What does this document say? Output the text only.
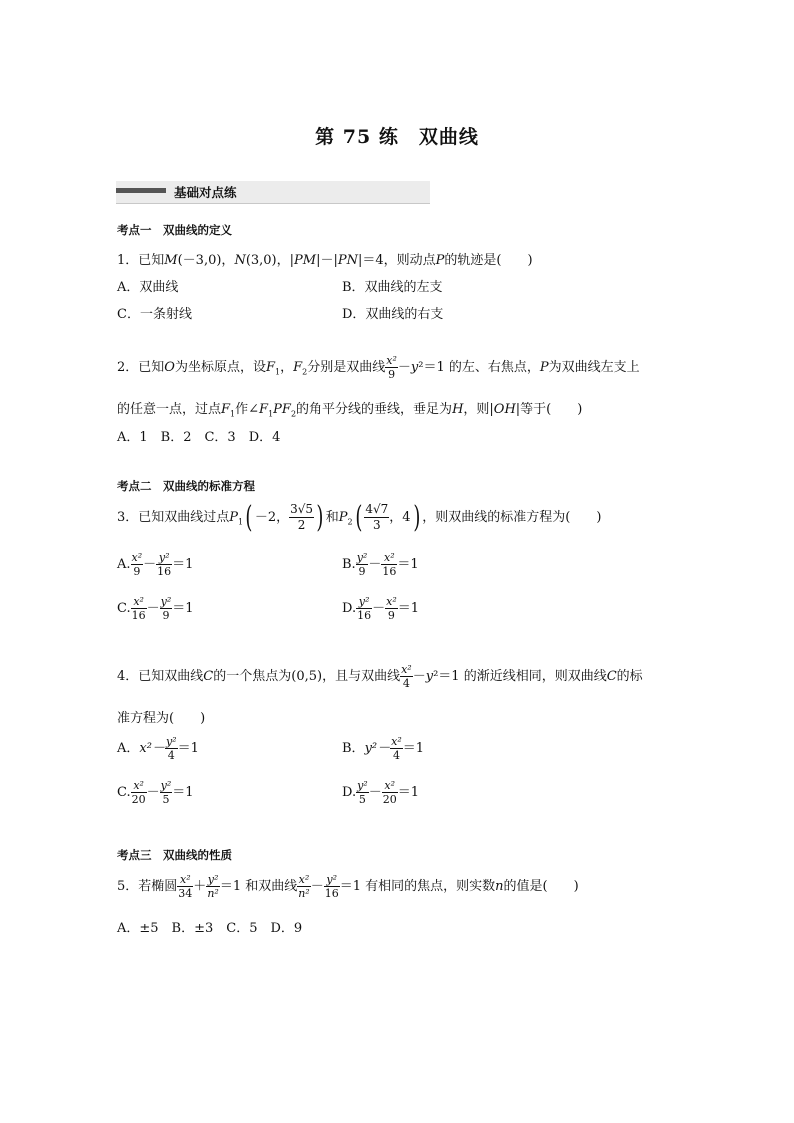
第 75 练　双曲线
基础对点练
考点一　双曲线的定义
1．已知M(－3,0)，N(3,0)，|PM|－|PN|＝4，则动点P的轨迹是(　　)
A．双曲线	B．双曲线的左支
C．一条射线	D．双曲线的右支
2．已知O为坐标原点，设$F_1$，$F_2$分别是双曲线 $\frac{\text{x²}}{9} -y^2=1$ 的左、右焦点，P为双曲线左支上
的任意一点，过点$F_1$作$\angle F_1PF_2$的角平分线的垂线，垂足为H，则|OH|等于(　　)
A．1　B．2　C．3　D．4
考点二　双曲线的标准方程
3．已知双曲线过点$P_1( -2$， $\frac{3√5}{2}$ ) 和$P_2( \frac{4√7}{3}$ ，4) ，则双曲线的标准方程为(　　)
A. $\frac{\text{x²}}{9} - \frac{\text{y²}}{16} =1$	B. $\frac{\text{y²}}{9} - \frac{\text{x²}}{16} =1$
C. $\frac{\text{x²}}{16} - \frac{\text{y²}}{9} =1$	D. $\frac{\text{y²}}{16} - \frac{\text{x²}}{9} =1$
4．已知双曲线C的一个焦点为(0,5)，且与双曲线 $\frac{\text{x²}}{4} -y^2=1$ 的渐近线相同，则双曲线C的标
准方程为(　　)
A．$x^2- \frac{\text{y²}}{4} =1$	B．$y^2- \frac{\text{x²}}{4} =1$
C. $\frac{\text{x²}}{20} - \frac{\text{y²}}{5} =1$	D. $\frac{\text{y²}}{5} - \frac{\text{x²}}{20} =1$
考点三　双曲线的性质
5．若椭圆 $\frac{\text{x²}}{34} + \frac{\text{y²}}{\text{n²}} =1$ 和双曲线 $\frac{\text{x²}}{\text{n²}} - \frac{\text{y²}}{16} =1$ 有相同的焦点，则实数n的值是(　　)
A．±5　B．±3　C．5　D．9
